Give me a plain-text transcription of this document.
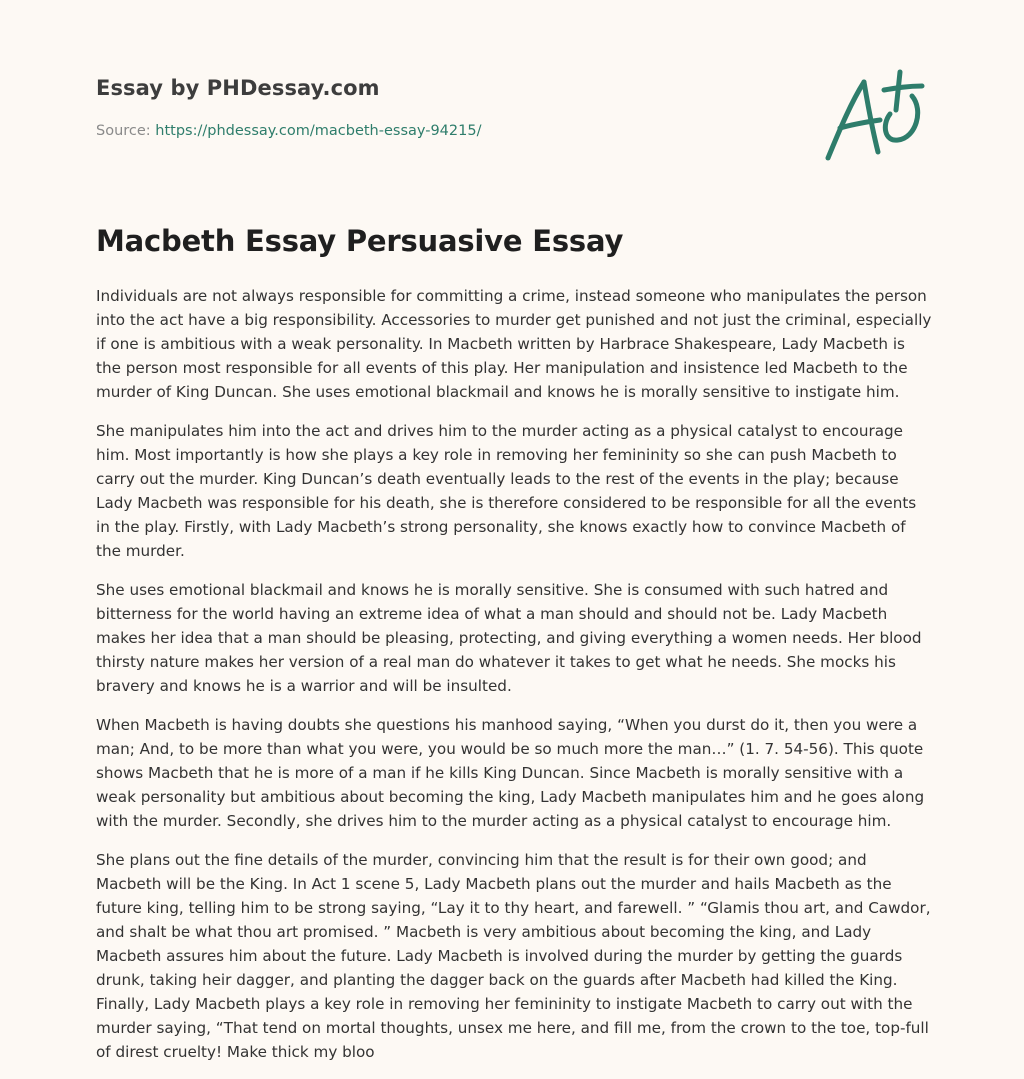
Essay by PHDessay.com

Source: https://phdessay.com/macbeth-essay-94215/

Macbeth Essay Persuasive Essay

Individuals are not always responsible for committing a crime, instead someone who manipulates the person into the act have a big responsibility. Accessories to murder get punished and not just the criminal, especially if one is ambitious with a weak personality. In Macbeth written by Harbrace Shakespeare, Lady Macbeth is the person most responsible for all events of this play. Her manipulation and insistence led Macbeth to the murder of King Duncan. She uses emotional blackmail and knows he is morally sensitive to instigate him.

She manipulates him into the act and drives him to the murder acting as a physical catalyst to encourage him. Most importantly is how she plays a key role in removing her femininity so she can push Macbeth to carry out the murder. King Duncan’s death eventually leads to the rest of the events in the play; because Lady Macbeth was responsible for his death, she is therefore considered to be responsible for all the events in the play. Firstly, with Lady Macbeth’s strong personality, she knows exactly how to convince Macbeth of the murder.

She uses emotional blackmail and knows he is morally sensitive. She is consumed with such hatred and bitterness for the world having an extreme idea of what a man should and should not be. Lady Macbeth makes her idea that a man should be pleasing, protecting, and giving everything a women needs. Her blood thirsty nature makes her version of a real man do whatever it takes to get what he needs. She mocks his bravery and knows he is a warrior and will be insulted.

When Macbeth is having doubts she questions his manhood saying, “When you durst do it, then you were a man; And, to be more than what you were, you would be so much more the man…” (1. 7. 54-56). This quote shows Macbeth that he is more of a man if he kills King Duncan. Since Macbeth is morally sensitive with a weak personality but ambitious about becoming the king, Lady Macbeth manipulates him and he goes along with the murder. Secondly, she drives him to the murder acting as a physical catalyst to encourage him.

She plans out the fine details of the murder, convincing him that the result is for their own good; and Macbeth will be the King. In Act 1 scene 5, Lady Macbeth plans out the murder and hails Macbeth as the future king, telling him to be strong saying, “Lay it to thy heart, and farewell. ” “Glamis thou art, and Cawdor, and shalt be what thou art promised. ” Macbeth is very ambitious about becoming the king, and Lady Macbeth assures him about the future. Lady Macbeth is involved during the murder by getting the guards drunk, taking heir dagger, and planting the dagger back on the guards after Macbeth had killed the King. Finally, Lady Macbeth plays a key role in removing her femininity to instigate Macbeth to carry out with the murder saying, “That tend on mortal thoughts, unsex me here, and fill me, from the crown to the toe, top-full of direst cruelty! Make thick my bloo
